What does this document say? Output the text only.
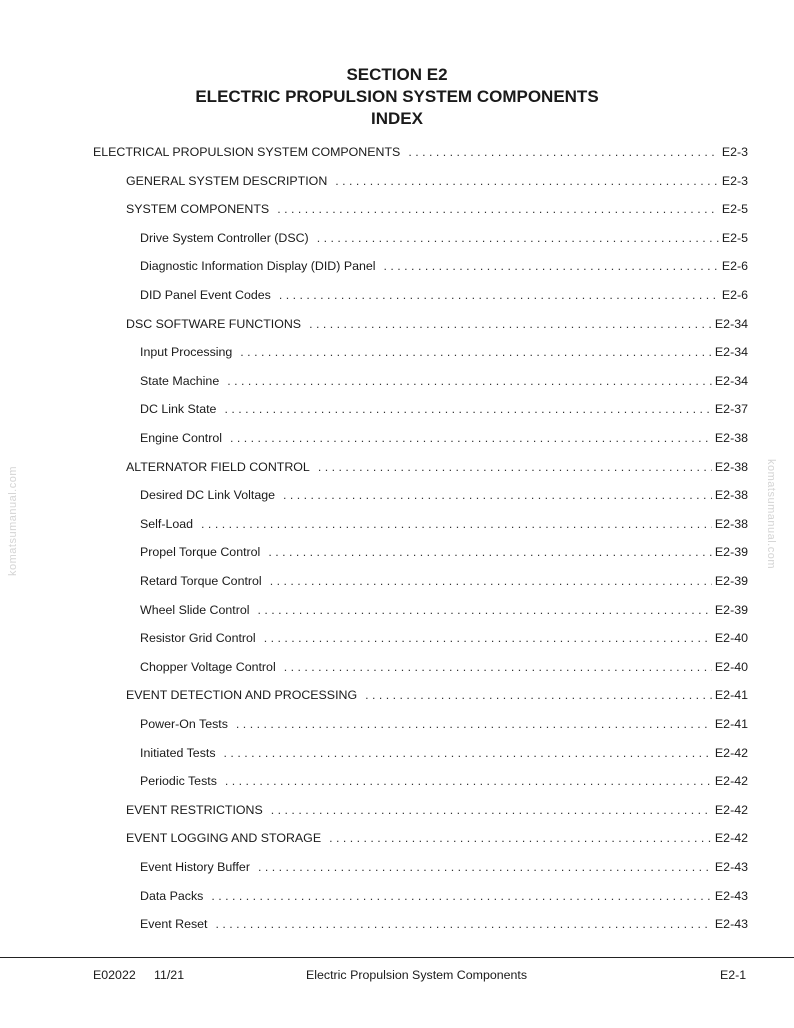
SECTION E2
ELECTRIC PROPULSION SYSTEM COMPONENTS
INDEX
ELECTRICAL PROPULSION SYSTEM COMPONENTS . . .	E2-3
GENERAL SYSTEM DESCRIPTION . . .	E2-3
SYSTEM COMPONENTS . . .	E2-5
Drive System Controller (DSC) . . .	E2-5
Diagnostic Information Display (DID) Panel . . .	E2-6
DID Panel Event Codes . . .	E2-6
DSC SOFTWARE FUNCTIONS . . .	E2-34
Input Processing . . .	E2-34
State Machine . . .	E2-34
DC Link State . . .	E2-37
Engine Control . . .	E2-38
ALTERNATOR FIELD CONTROL . . .	E2-38
Desired DC Link Voltage . . .	E2-38
Self-Load . . .	E2-38
Propel Torque Control . . .	E2-39
Retard Torque Control . . .	E2-39
Wheel Slide Control . . .	E2-39
Resistor Grid Control . . .	E2-40
Chopper Voltage Control . . .	E2-40
EVENT DETECTION AND PROCESSING . . .	E2-41
Power-On Tests . . .	E2-41
Initiated Tests . . .	E2-42
Periodic Tests . . .	E2-42
EVENT RESTRICTIONS . . .	E2-42
EVENT LOGGING AND STORAGE . . .	E2-42
Event History Buffer . . .	E2-43
Data Packs . . .	E2-43
Event Reset . . .	E2-43
komatsumanual.com	komatsumanual.com
E02022 11/21	Electric Propulsion System Components	E2-1
